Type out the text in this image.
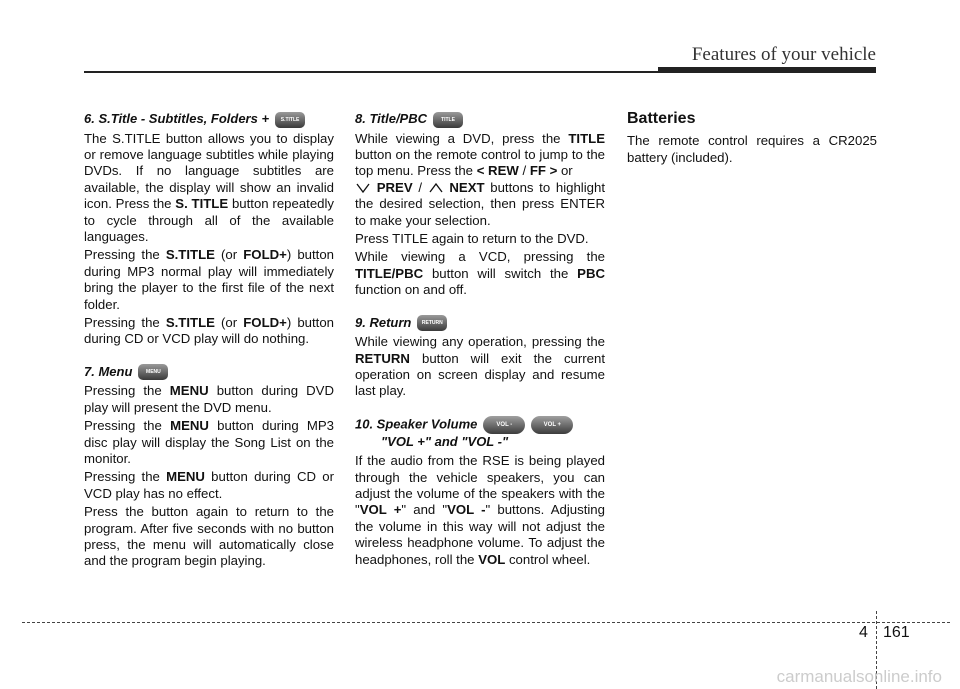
Features of your vehicle
6. S.Title - Subtitles, Folders + S.TITLE

The S.TITLE button allows you to display or remove language subtitles while playing DVDs. If no language subtitles are available, the display will show an invalid icon. Press the S. TITLE button repeatedly to cycle through all of the available languages.

Pressing the S.TITLE (or FOLD+) button during MP3 normal play will immediately bring the player to the first file of the next folder.

Pressing the S.TITLE (or FOLD+) button during CD or VCD play will do nothing.

7. Menu	MENU

Pressing the MENU button during DVD play will present the DVD menu.

Pressing the MENU button during MP3 disc play will display the Song List on the monitor.

Pressing the MENU button during CD or VCD play has no effect.

Press the button again to return to the program. After five seconds with no button press, the menu will automatically close and the program begin playing.

8. Title/PBC	TITLE

While viewing a DVD, press the TITLE button on the remote control to jump to the top menu. Press the < REW / FF > or
PREV /  NEXT buttons to highlight the desired selection, then press ENTER to make your selection.

Press TITLE again to return to the DVD.

While viewing a VCD, pressing the TITLE/PBC button will switch the PBC function on and off.

9. Return RETURN

While viewing any operation, pressing the RETURN button will exit the current operation on screen display and resume last play.

10. Speaker Volume	VOL -	VOL +
"VOL +" and "VOL -"

If the audio from the RSE is being played through the vehicle speakers, you can adjust the volume of the speakers with the "VOL +" and "VOL -" buttons. Adjusting the volume in this way will not adjust the wireless headphone volume. To adjust the headphones, roll the VOL control wheel.

Batteries

The remote control requires a CR2025 battery (included).

4 161
carmanualsonline.info
